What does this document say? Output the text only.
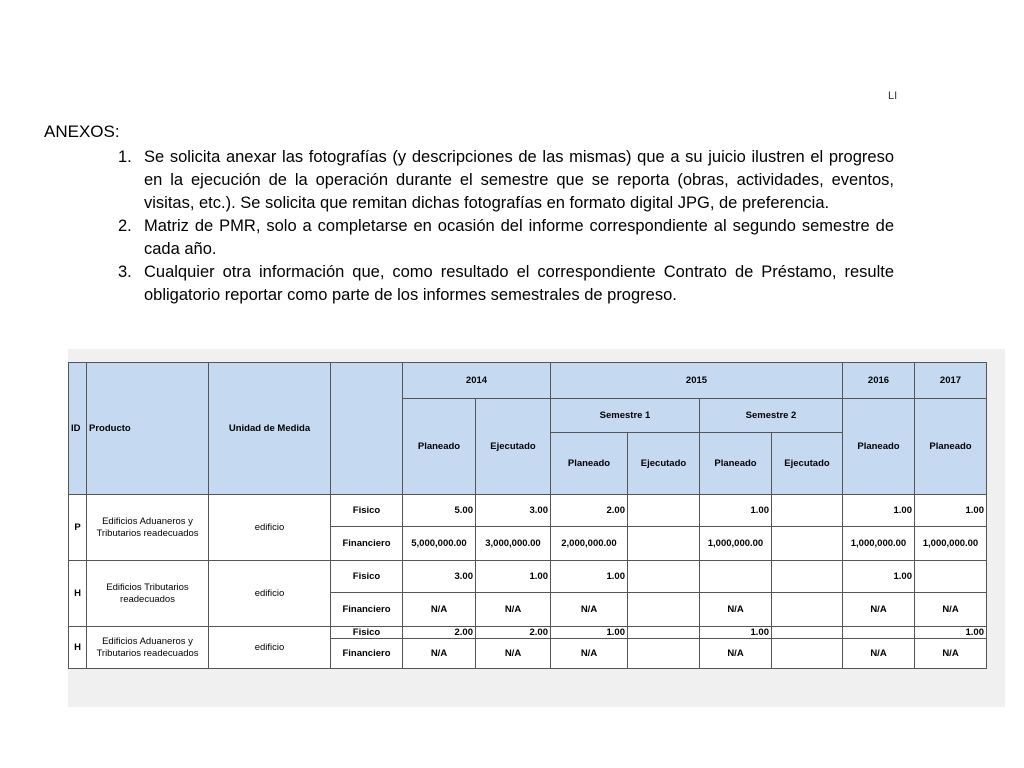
LI
ANEXOS:
1. Se solicita anexar las fotografías (y descripciones de las mismas) que a su juicio ilustren el progreso en la ejecución de la operación durante el semestre que se reporta (obras, actividades, eventos, visitas, etc.). Se solicita que remitan dichas fotografías en formato digital JPG, de preferencia.
2. Matriz de PMR, solo a completarse en ocasión del informe correspondiente al segundo semestre de cada año.
3. Cualquier otra información que, como resultado el correspondiente Contrato de Préstamo, resulte obligatorio reportar como parte de los informes semestrales de progreso.
ID	Producto	Unidad de Medida		2014		2015				2016	2017
				Planeado	Ejecutado	Semestre 1		Semestre 2		Planeado	Planeado
						Planeado	Ejecutado	Planeado	Ejecutado		
P	Edificios Aduaneros y Tributarios readecuados	edificio	Fisico	5.00	3.00	2.00		1.00		1.00	1.00
			Financiero	5,000,000.00	3,000,000.00	2,000,000.00		1,000,000.00		1,000,000.00	1,000,000.00
H	Edificios Tributarios readecuados	edificio	Fisico	3.00	1.00	1.00				1.00	
			Financiero	N/A	N/A	N/A		N/A		N/A	N/A
H	Edificios Aduaneros y Tributarios readecuados	edificio	Fisico	2.00	2.00	1.00		1.00			1.00
			Financiero	N/A	N/A	N/A		N/A		N/A	N/A
